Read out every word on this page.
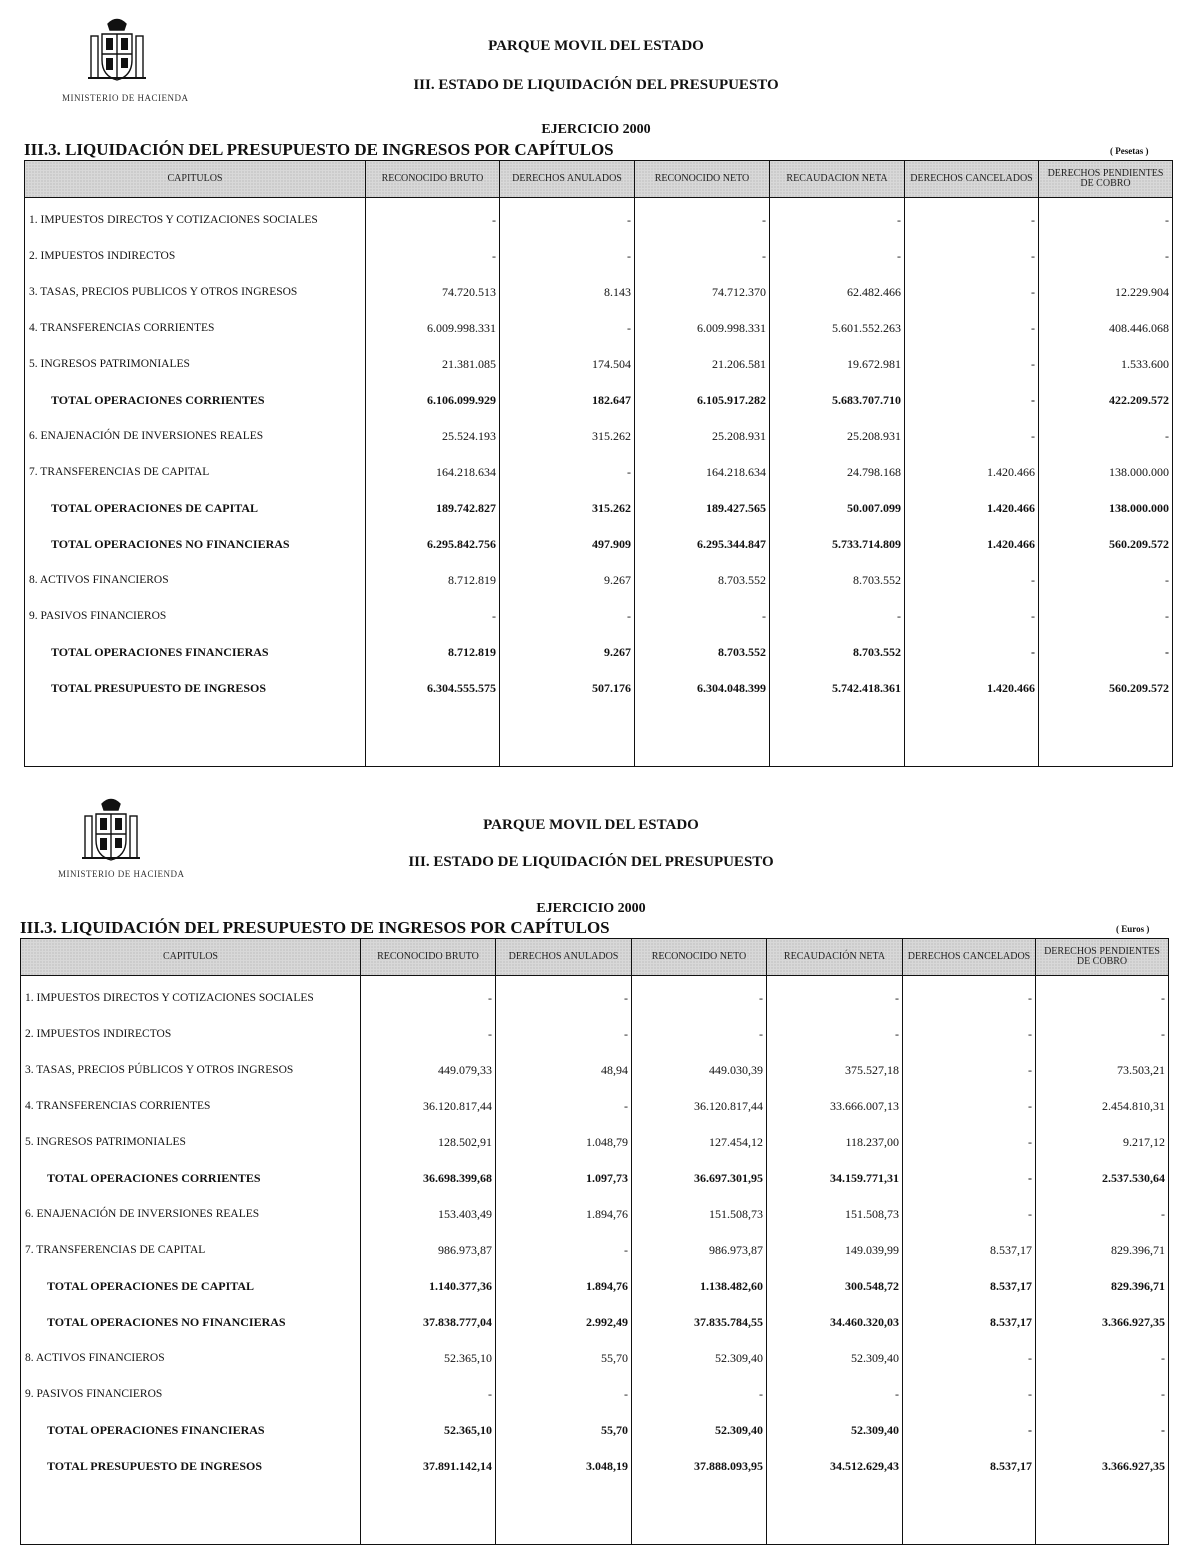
MINISTERIO DE HACIENDA
PARQUE MOVIL DEL ESTADO
III. ESTADO DE LIQUIDACIÓN DEL PRESUPUESTO
EJERCICIO 2000
III.3. LIQUIDACIÓN DEL PRESUPUESTO DE INGRESOS POR CAPÍTULOS	( Pesetas )
CAPITULOS	RECONOCIDO BRUTO	DERECHOS ANULADOS	RECONOCIDO NETO	RECAUDACION NETA	DERECHOS CANCELADOS	DERECHOS PENDIENTES DE COBRO
1. IMPUESTOS DIRECTOS Y COTIZACIONES SOCIALES	-	-	-	-	-	-
2. IMPUESTOS INDIRECTOS	-	-	-	-	-	-
3. TASAS, PRECIOS PUBLICOS Y OTROS INGRESOS	74.720.513	8.143	74.712.370	62.482.466	-	12.229.904
4. TRANSFERENCIAS CORRIENTES	6.009.998.331	-	6.009.998.331	5.601.552.263	-	408.446.068
5. INGRESOS PATRIMONIALES	21.381.085	174.504	21.206.581	19.672.981	-	1.533.600
TOTAL OPERACIONES CORRIENTES	6.106.099.929	182.647	6.105.917.282	5.683.707.710	-	422.209.572
6. ENAJENACIÓN DE INVERSIONES REALES	25.524.193	315.262	25.208.931	25.208.931	-	-
7. TRANSFERENCIAS DE CAPITAL	164.218.634	-	164.218.634	24.798.168	1.420.466	138.000.000
TOTAL OPERACIONES DE CAPITAL	189.742.827	315.262	189.427.565	50.007.099	1.420.466	138.000.000
TOTAL OPERACIONES NO FINANCIERAS	6.295.842.756	497.909	6.295.344.847	5.733.714.809	1.420.466	560.209.572
8. ACTIVOS FINANCIEROS	8.712.819	9.267	8.703.552	8.703.552	-	-
9. PASIVOS FINANCIEROS	-	-	-	-	-	-
TOTAL OPERACIONES FINANCIERAS	8.712.819	9.267	8.703.552	8.703.552	-	-
TOTAL PRESUPUESTO DE INGRESOS	6.304.555.575	507.176	6.304.048.399	5.742.418.361	1.420.466	560.209.572

MINISTERIO DE HACIENDA
PARQUE MOVIL DEL ESTADO
III. ESTADO DE LIQUIDACIÓN DEL PRESUPUESTO
EJERCICIO 2000
III.3. LIQUIDACIÓN DEL PRESUPUESTO DE INGRESOS POR CAPÍTULOS	( Euros )
CAPITULOS	RECONOCIDO BRUTO	DERECHOS ANULADOS	RECONOCIDO NETO	RECAUDACIÓN NETA	DERECHOS CANCELADOS	DERECHOS PENDIENTES DE COBRO
1. IMPUESTOS DIRECTOS Y COTIZACIONES SOCIALES	-	-	-	-	-	-
2. IMPUESTOS INDIRECTOS	-	-	-	-	-	-
3. TASAS, PRECIOS PÚBLICOS Y OTROS INGRESOS	449.079,33	48,94	449.030,39	375.527,18	-	73.503,21
4. TRANSFERENCIAS CORRIENTES	36.120.817,44	-	36.120.817,44	33.666.007,13	-	2.454.810,31
5. INGRESOS PATRIMONIALES	128.502,91	1.048,79	127.454,12	118.237,00	-	9.217,12
TOTAL OPERACIONES CORRIENTES	36.698.399,68	1.097,73	36.697.301,95	34.159.771,31	-	2.537.530,64
6. ENAJENACIÓN DE INVERSIONES REALES	153.403,49	1.894,76	151.508,73	151.508,73	-	-
7. TRANSFERENCIAS DE CAPITAL	986.973,87	-	986.973,87	149.039,99	8.537,17	829.396,71
TOTAL OPERACIONES DE CAPITAL	1.140.377,36	1.894,76	1.138.482,60	300.548,72	8.537,17	829.396,71
TOTAL OPERACIONES NO FINANCIERAS	37.838.777,04	2.992,49	37.835.784,55	34.460.320,03	8.537,17	3.366.927,35
8. ACTIVOS FINANCIEROS	52.365,10	55,70	52.309,40	52.309,40	-	-
9. PASIVOS FINANCIEROS	-	-	-	-	-	-
TOTAL OPERACIONES FINANCIERAS	52.365,10	55,70	52.309,40	52.309,40	-	-
TOTAL PRESUPUESTO DE INGRESOS	37.891.142,14	3.048,19	37.888.093,95	34.512.629,43	8.537,17	3.366.927,35
